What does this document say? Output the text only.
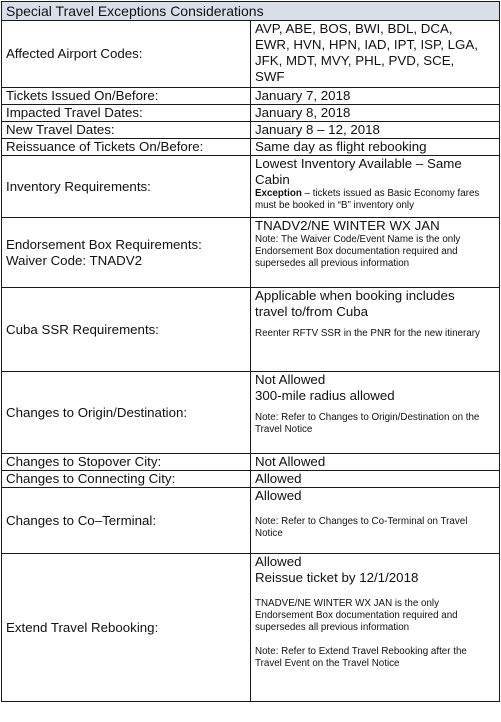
Special Travel Exceptions Considerations	
Affected Airport Codes:	AVP, ABE, BOS, BWI, BDL, DCA, EWR, HVN, HPN, IAD, IPT, ISP, LGA, JFK, MDT, MVY, PHL, PVD, SCE, SWF
Tickets Issued On/Before:	January 7, 2018
Impacted Travel Dates:	January 8, 2018
New Travel Dates:	January 8 – 12, 2018
Reissuance of Tickets On/Before:	Same day as flight rebooking
Inventory Requirements:	Lowest Inventory Available – Same Cabin
Exception – tickets issued as Basic Economy fares must be booked in “B” inventory only

Endorsement Box Requirements:
Waiver Code: TNADV2	TNADV2/NE WINTER WX JAN
Note: The Waiver Code/Event Name is the only Endorsement Box documentation required and supersedes all previous information

Cuba SSR Requirements:	Applicable when booking includes travel to/from Cuba
Reenter RFTV SSR in the PNR for the new itinerary

Changes to Origin/Destination:	Not Allowed
300-mile radius allowed
Note: Refer to Changes to Origin/Destination on the Travel Notice

Changes to Stopover City:	Not Allowed
Changes to Connecting City:	Allowed
Changes to Co–Terminal:	Allowed
Note: Refer to Changes to Co-Terminal on Travel Notice

Extend Travel Rebooking:	Allowed
Reissue ticket by 12/1/2018
TNADVE/NE WINTER WX JAN is the only Endorsement Box documentation required and supersedes all previous information
Note: Refer to Extend Travel Rebooking after the Travel Event on the Travel Notice
